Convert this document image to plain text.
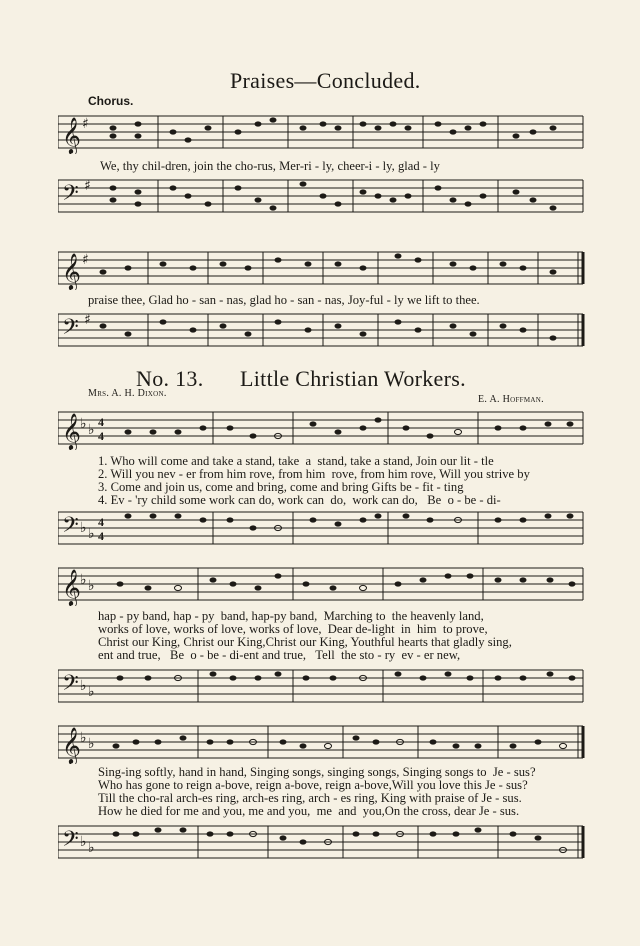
Praises—Concluded.
Chorus.
𝄞 ♯
We, thy chil-dren, join the cho-rus, Mer-ri - ly, cheer-i - ly, glad - ly
𝄢 ♯
𝄞 ♯
praise thee, Glad ho - san - nas, glad ho - san - nas, Joy-ful - ly we lift to thee.
𝄢 ♯
No. 13. Little Christian Workers.
Mrs. A. H. Dixon.
E. A. Hoffman.
𝄞 ♭ ♭ 4
4
1. Who will come and take a stand, take  a  stand, take a stand, Join our lit - tle
2. Will you nev - er from him rove, from him  rove, from him rove, Will you strive by
3. Come and join us, come and bring, come and bring Gifts be - fit - ting
4. Ev - 'ry child some work can do, work can  do,  work can do,   Be  o - be - di-
𝄢 ♭ ♭
4
4
𝄞 ♭ ♭
hap - py band, hap - py  band, hap-py band,  Marching to  the heavenly land,
works of love, works of love, works of love,  Dear de-light  in  him  to prove,
Christ our King, Christ our King,Christ our King, Youthful hearts that gladly sing,
ent and true,   Be  o - be - di-ent and true,   Tell  the sto - ry  ev - er new,
𝄢 ♭ ♭
𝄞 ♭ ♭
Sing-ing softly, hand in hand, Singing songs, singing songs, Singing songs to  Je - sus?
Who has gone to reign a-bove, reign a-bove, reign a-bove,Will you love this Je - sus?
Till the cho-ral arch-es ring, arch-es ring, arch - es ring, King with praise of Je - sus.
How he died for me and you, me and you,  me  and  you,On the cross, dear Je - sus.
𝄢 ♭ ♭
